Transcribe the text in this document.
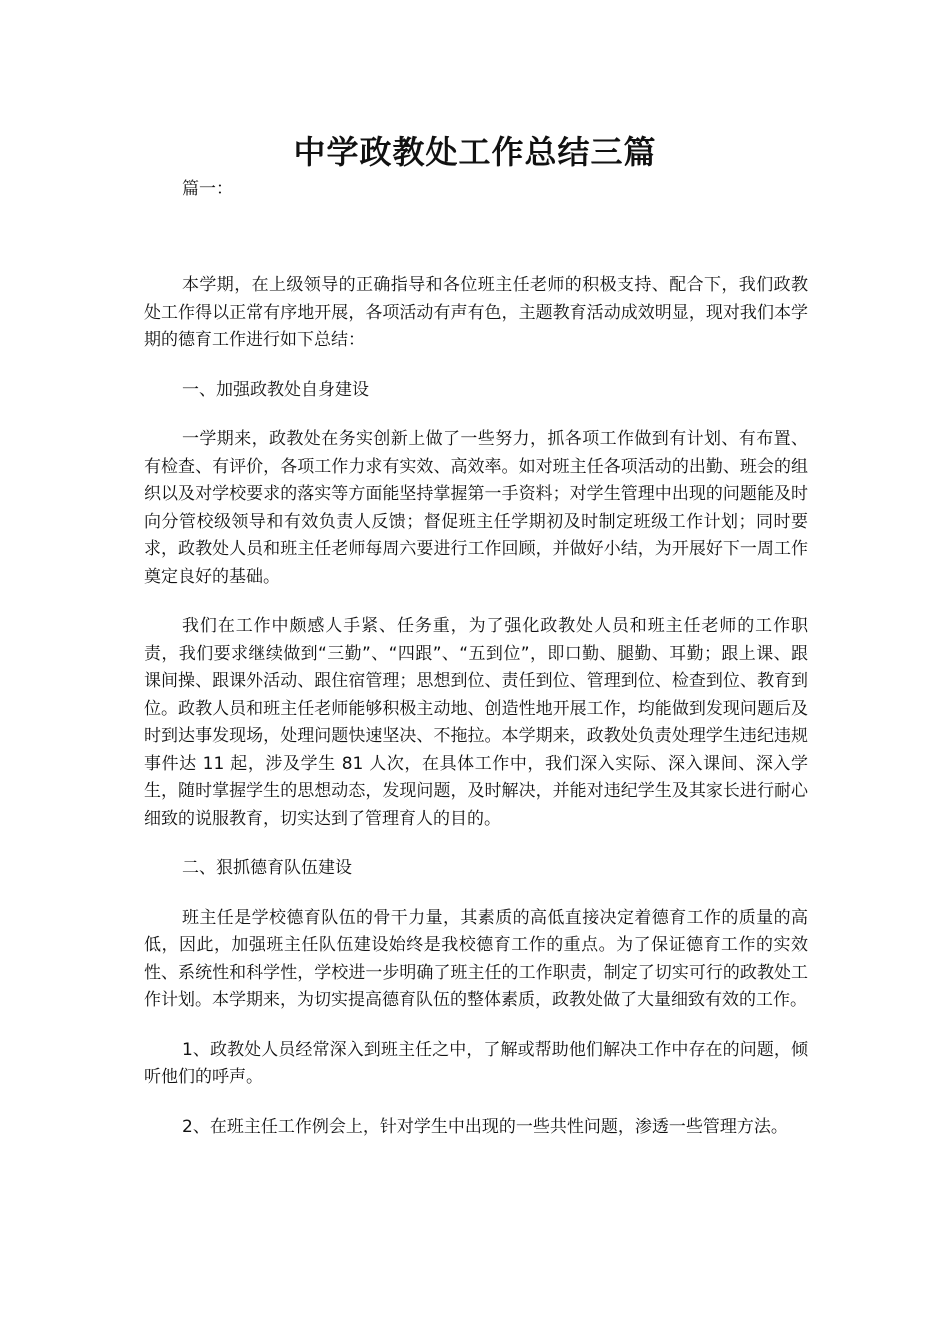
中学政教处工作总结三篇
篇一：

本学期，在上级领导的正确指导和各位班主任老师的积极支持、配合下，我们政教处工作得以正常有序地开展，各项活动有声有色，主题教育活动成效明显，现对我们本学期的德育工作进行如下总结：

一、加强政教处自身建设

一学期来，政教处在务实创新上做了一些努力，抓各项工作做到有计划、有布置、有检查、有评价，各项工作力求有实效、高效率。如对班主任各项活动的出勤、班会的组织以及对学校要求的落实等方面能坚持掌握第一手资料；对学生管理中出现的问题能及时向分管校级领导和有效负责人反馈；督促班主任学期初及时制定班级工作计划；同时要求，政教处人员和班主任老师每周六要进行工作回顾，并做好小结，为开展好下一周工作奠定良好的基础。

我们在工作中颇感人手紧、任务重，为了强化政教处人员和班主任老师的工作职责，我们要求继续做到“三勤”、“四跟”、“五到位”，即口勤、腿勤、耳勤；跟上课、跟课间操、跟课外活动、跟住宿管理；思想到位、责任到位、管理到位、检查到位、教育到位。政教人员和班主任老师能够积极主动地、创造性地开展工作，均能做到发现问题后及时到达事发现场，处理问题快速坚决、不拖拉。本学期来，政教处负责处理学生违纪违规事件达 11 起，涉及学生 81 人次，在具体工作中，我们深入实际、深入课间、深入学生，随时掌握学生的思想动态，发现问题，及时解决，并能对违纪学生及其家长进行耐心细致的说服教育，切实达到了管理育人的目的。

二、狠抓德育队伍建设

班主任是学校德育队伍的骨干力量，其素质的高低直接决定着德育工作的质量的高低，因此，加强班主任队伍建设始终是我校德育工作的重点。为了保证德育工作的实效性、系统性和科学性，学校进一步明确了班主任的工作职责，制定了切实可行的政教处工作计划。本学期来，为切实提高德育队伍的整体素质，政教处做了大量细致有效的工作。

1、政教处人员经常深入到班主任之中，了解或帮助他们解决工作中存在的问题，倾听他们的呼声。

2、在班主任工作例会上，针对学生中出现的一些共性问题，渗透一些管理方法。
